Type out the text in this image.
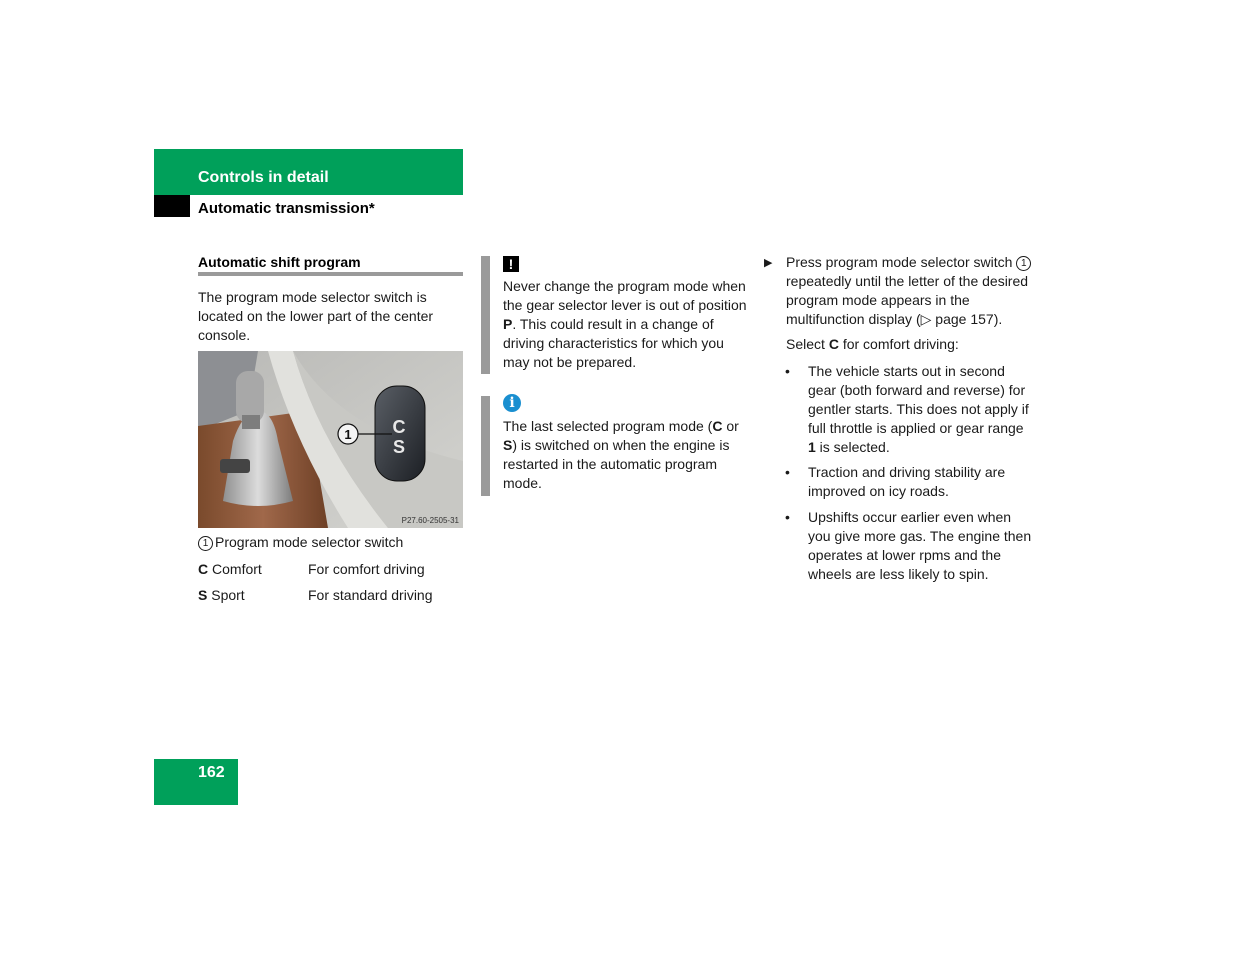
Controls in detail
Automatic transmission*
Automatic shift program
The program mode selector switch is located on the lower part of the center console.
C
S
1
P27.60-2505-31
1 Program mode selector switch
C Comfort	For comfort driving
S Sport	For standard driving
!
Never change the program mode when the gear selector lever is out of position P. This could result in a change of driving characteristics for which you may not be prepared.
i
The last selected program mode (C or S) is switched on when the engine is restarted in the automatic program mode.
▶ Press program mode selector switch 1 repeatedly until the letter of the desired program mode appears in the multifunction display (▷ page 157).
Select C for comfort driving:
• The vehicle starts out in second gear (both forward and reverse) for gentler starts. This does not apply if full throttle is applied or gear range 1 is selected.
• Traction and driving stability are improved on icy roads.
• Upshifts occur earlier even when you give more gas. The engine then operates at lower rpms and the wheels are less likely to spin.
162
